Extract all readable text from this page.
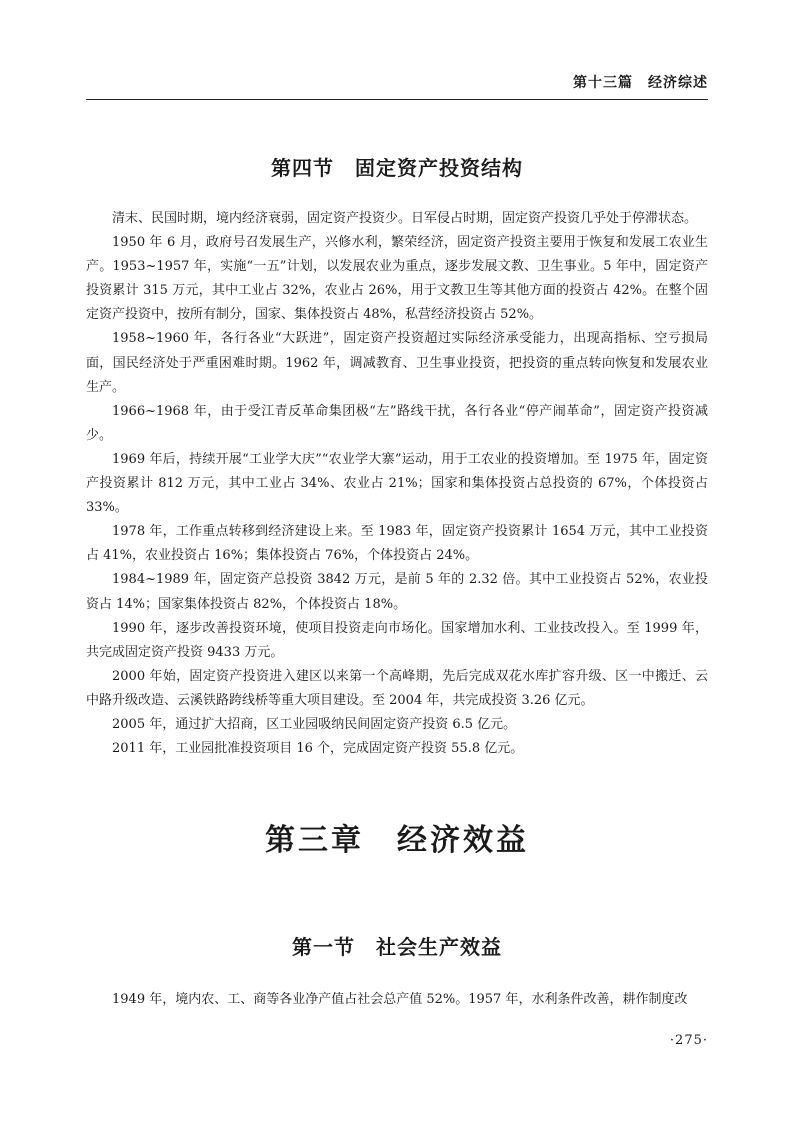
第十三篇　经济综述
第四节　固定资产投资结构

清末、民国时期，境内经济衰弱，固定资产投资少。日军侵占时期，固定资产投资几乎处于停滞状态。

1950 年 6 月，政府号召发展生产，兴修水利，繁荣经济，固定资产投资主要用于恢复和发展工农业生产。1953~1957 年，实施“一五”计划，以发展农业为重点，逐步发展文教、卫生事业。5 年中，固定资产投资累计 315 万元，其中工业占 32%，农业占 26%，用于文教卫生等其他方面的投资占 42%。在整个固定资产投资中，按所有制分，国家、集体投资占 48%，私营经济投资占 52%。

1958~1960 年，各行各业“大跃进”，固定资产投资超过实际经济承受能力，出现高指标、空亏损局面，国民经济处于严重困难时期。1962 年，调减教育、卫生事业投资，把投资的重点转向恢复和发展农业生产。

1966~1968 年，由于受江青反革命集团极“左”路线干扰，各行各业“停产闹革命”，固定资产投资减少。

1969 年后，持续开展“工业学大庆”“农业学大寨”运动，用于工农业的投资增加。至 1975 年，固定资产投资累计 812 万元，其中工业占 34%、农业占 21%；国家和集体投资占总投资的 67%，个体投资占 33%。

1978 年，工作重点转移到经济建设上来。至 1983 年，固定资产投资累计 1654 万元，其中工业投资占 41%，农业投资占 16%；集体投资占 76%，个体投资占 24%。

1984~1989 年，固定资产总投资 3842 万元，是前 5 年的 2.32 倍。其中工业投资占 52%，农业投资占 14%；国家集体投资占 82%，个体投资占 18%。

1990 年，逐步改善投资环境，使项目投资走向市场化。国家增加水利、工业技改投入。至 1999 年，共完成固定资产投资 9433 万元。

2000 年始，固定资产投资进入建区以来第一个高峰期，先后完成双花水库扩容升级、区一中搬迁、云中路升级改造、云溪铁路跨线桥等重大项目建设。至 2004 年，共完成投资 3.26 亿元。

2005 年，通过扩大招商，区工业园吸纳民间固定资产投资 6.5 亿元。

2011 年，工业园批准投资项目 16 个，完成固定资产投资 55.8 亿元。

第三章　经济效益
第一节　社会生产效益

1949 年，境内农、工、商等各业净产值占社会总产值 52%。1957 年，水利条件改善，耕作制度改

·275·
